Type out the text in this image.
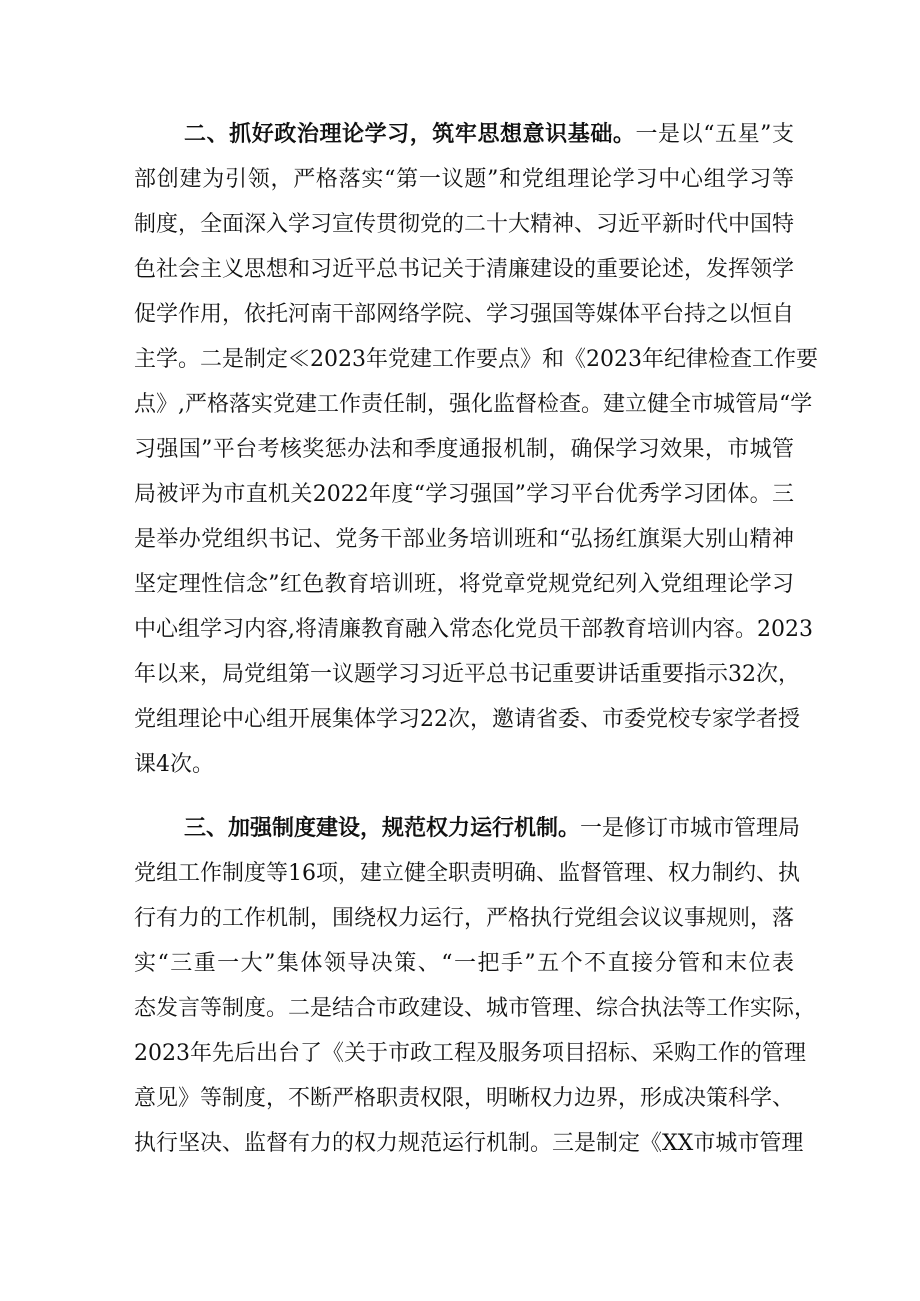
二、抓好政治理论学习，筑牢思想意识基础。一是以“五星”支
部创建为引领，严格落实“第一议题”和党组理论学习中心组学习等
制度，全面深入学习宣传贯彻党的二十大精神、习近平新时代中国特
色社会主义思想和习近平总书记关于清廉建设的重要论述，发挥领学
促学作用，依托河南干部网络学院、学习强国等媒体平台持之以恒自
主学。二是制定≪2023年党建工作要点》和《2023年纪律检查工作要
点》,严格落实党建工作责任制，强化监督检查。建立健全市城管局“学
习强国”平台考核奖惩办法和季度通报机制，确保学习效果，市城管
局被评为市直机关2022年度“学习强国”学习平台优秀学习团体。三
是举办党组织书记、党务干部业务培训班和“弘扬红旗渠大别山精神
坚定理性信念”红色教育培训班，将党章党规党纪列入党组理论学习
中心组学习内容,将清廉教育融入常态化党员干部教育培训内容。2023
年以来，局党组第一议题学习习近平总书记重要讲话重要指示32次，
党组理论中心组开展集体学习22次，邀请省委、市委党校专家学者授
课4次。
三、加强制度建设，规范权力运行机制。一是修订市城市管理局
党组工作制度等16项，建立健全职责明确、监督管理、权力制约、执
行有力的工作机制，围绕权力运行，严格执行党组会议议事规则，落
实“三重一大”集体领导决策、“一把手”五个不直接分管和末位表
态发言等制度。二是结合市政建设、城市管理、综合执法等工作实际，
2023年先后出台了《关于市政工程及服务项目招标、采购工作的管理
意见》等制度，不断严格职责权限，明晰权力边界，形成决策科学、
执行坚决、监督有力的权力规范运行机制。三是制定《XX市城市管理
